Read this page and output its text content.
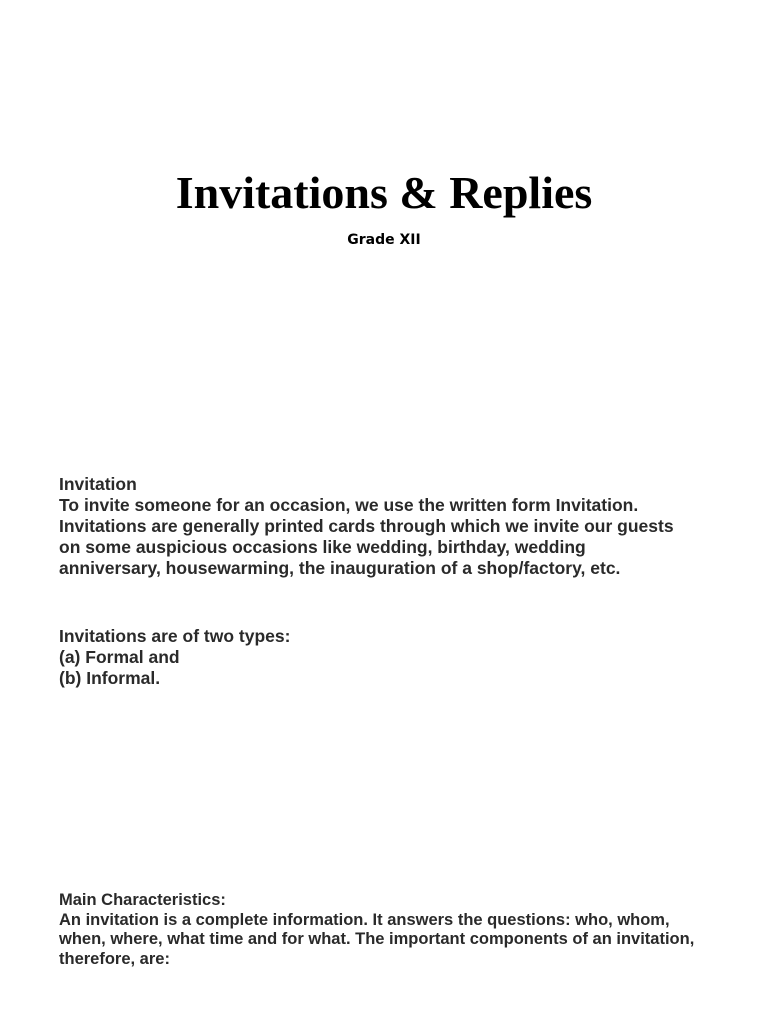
Invitations & Replies
Grade XII

Invitation

To invite someone for an occasion, we use the written form Invitation.

Invitations are generally printed cards through which we invite our guests

on some auspicious occasions like wedding, birthday, wedding

anniversary, housewarming, the inauguration of a shop/factory, etc.

Invitations are of two types:

(a) Formal and

(b) Informal.

Main Characteristics:

An invitation is a complete information. It answers the questions: who, whom,

when, where, what time and for what. The important components of an invitation,

therefore, are:
